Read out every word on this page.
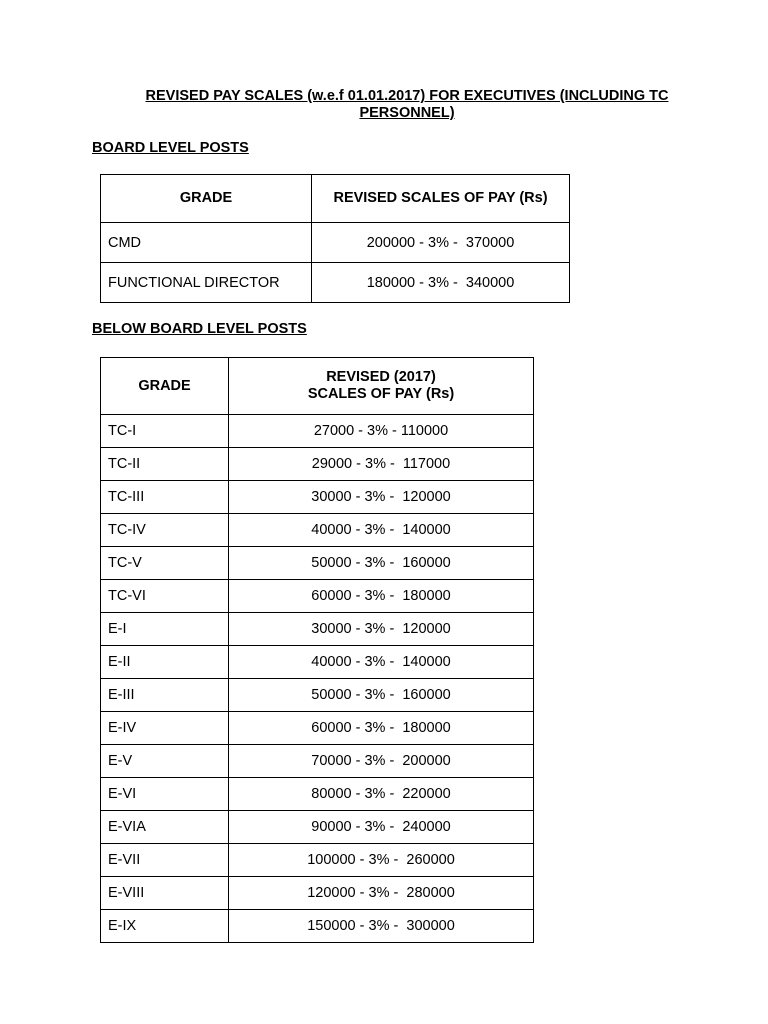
REVISED PAY SCALES (w.e.f 01.01.2017) FOR EXECUTIVES (INCLUDING TC PERSONNEL)
BOARD LEVEL POSTS
GRADE	REVISED SCALES OF PAY (Rs)
CMD	200000 - 3% -  370000
FUNCTIONAL DIRECTOR	180000 - 3% -  340000
BELOW BOARD LEVEL POSTS
GRADE	REVISED (2017)
SCALES OF PAY (Rs)

TC-I	27000 - 3% - 110000
TC-II	29000 - 3% -  117000
TC-III	30000 - 3% -  120000
TC-IV	40000 - 3% -  140000
TC-V	50000 - 3% -  160000
TC-VI	60000 - 3% -  180000
E-I	30000 - 3% -  120000
E-II	40000 - 3% -  140000
E-III	50000 - 3% -  160000
E-IV	60000 - 3% -  180000
E-V	70000 - 3% -  200000
E-VI	80000 - 3% -  220000
E-VIA	90000 - 3% -  240000
E-VII	100000 - 3% -  260000
E-VIII	120000 - 3% -  280000
E-IX	150000 - 3% -  300000
